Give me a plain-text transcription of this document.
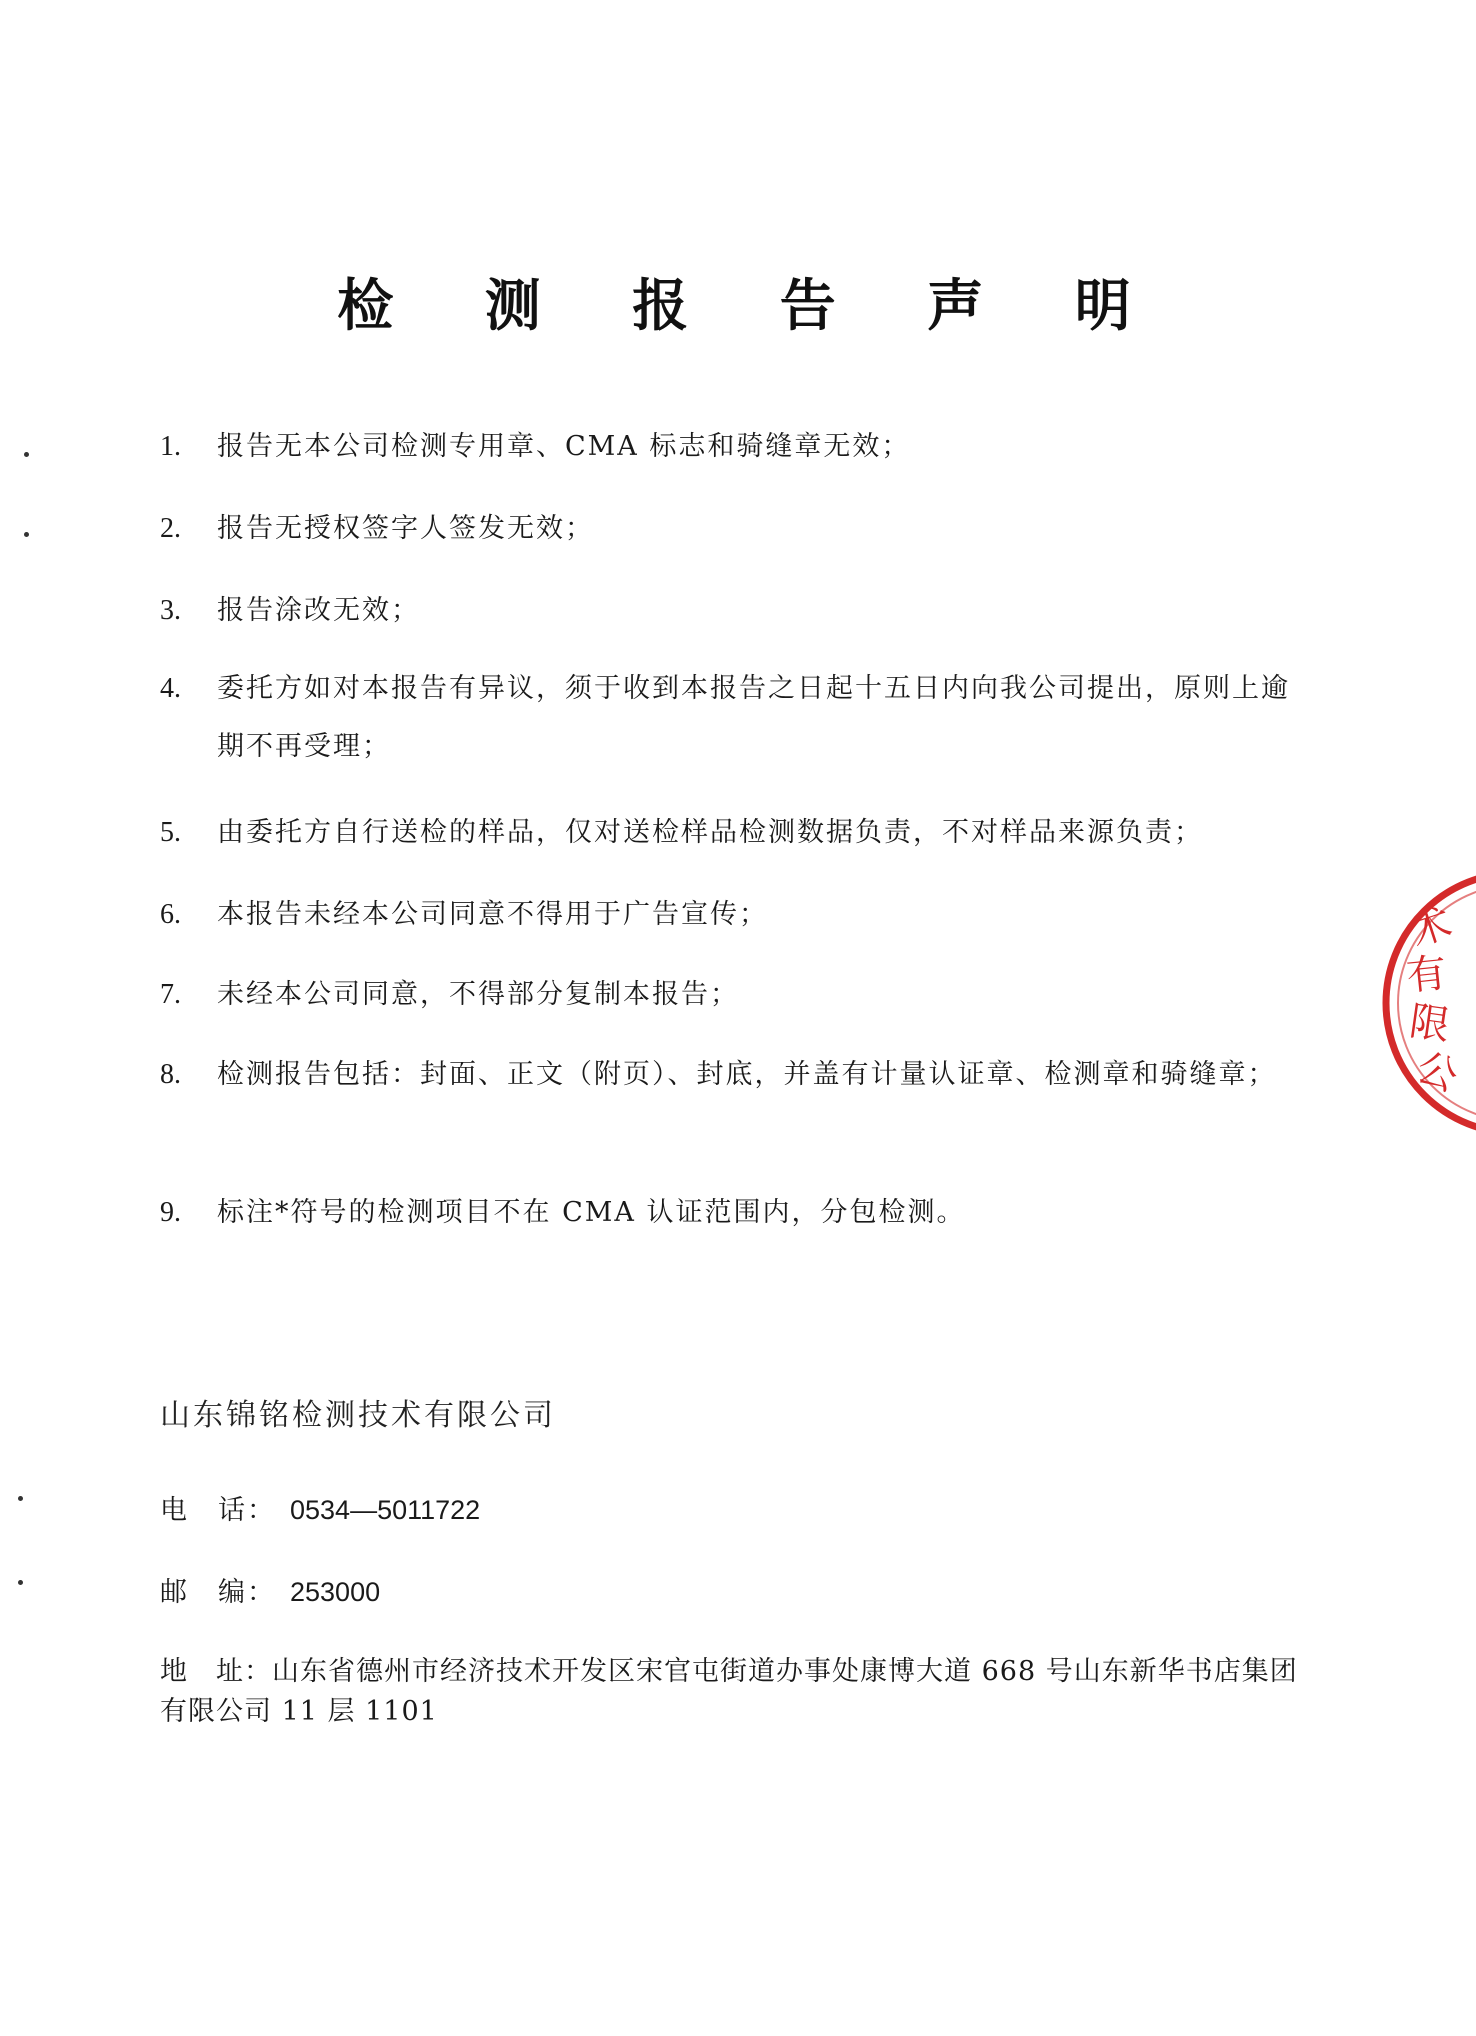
检 测 报 告 声 明
1.	报告无本公司检测专用章、CMA 标志和骑缝章无效；
2.	报告无授权签字人签发无效；
3.	报告涂改无效；
4.	委托方如对本报告有异议，须于收到本报告之日起十五日内向我公司提出，原则上逾期不再受理；
5.	由委托方自行送检的样品，仅对送检样品检测数据负责，不对样品来源负责；
6.	本报告未经本公司同意不得用于广告宣传；
7.	未经本公司同意，不得部分复制本报告；
8.	检测报告包括：封面、正文（附页）、封底，并盖有计量认证章、检测章和骑缝章；
9.	标注*符号的检测项目不在 CMA 认证范围内，分包检测。
山东锦铭检测技术有限公司
电　话： 0534—5011722
邮　编： 253000
地　址：山东省德州市经济技术开发区宋官屯街道办事处康博大道 668 号山东新华书店集团有限公司 11 层 1101
术
有
限
公
